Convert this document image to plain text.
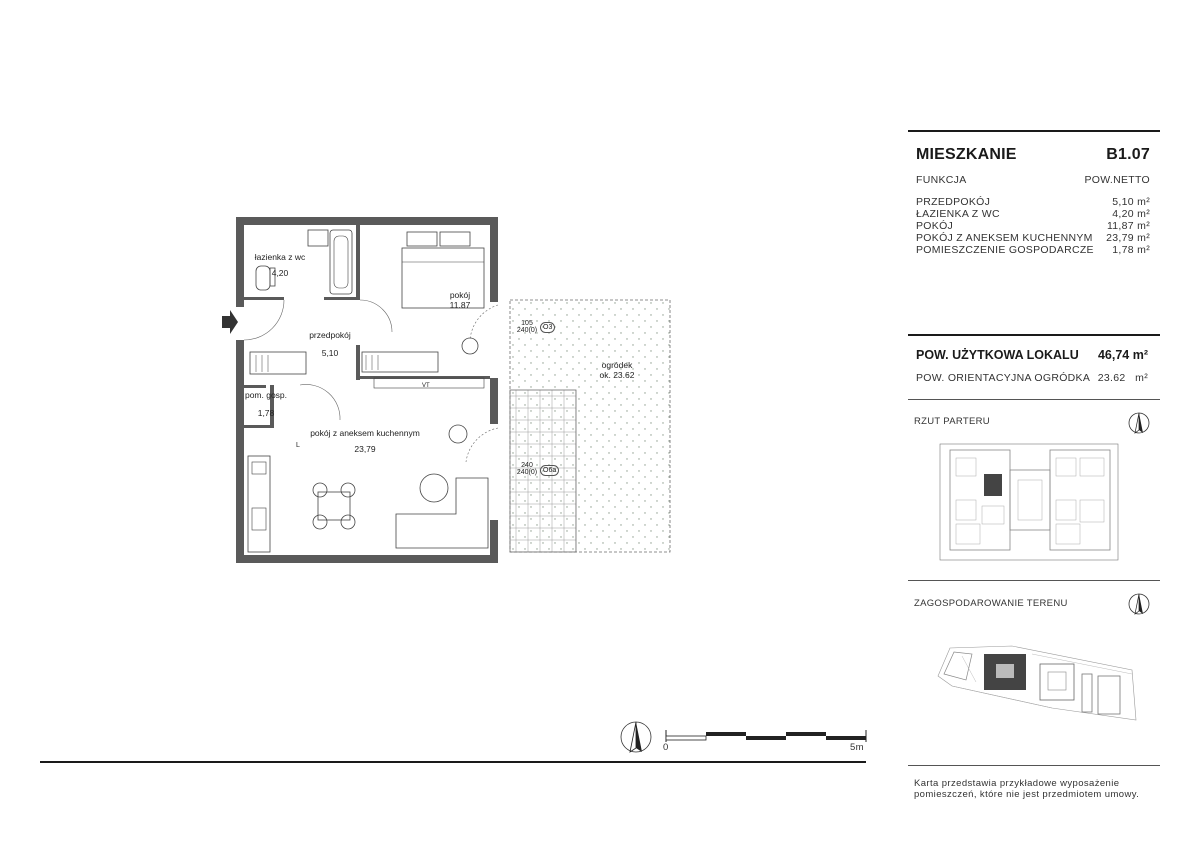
łazienka z wc
4,20
pokój
11.87
przedpokój
5,10
pom. gosp.
1,78
pokój z aneksem kuchennym
23,79
ogródek
ok. 23.62
105
240(0) O3
240
240(0) O6a
VT
L
0	5m
MIESZKANIE	B1.07
FUNKCJA	POW.NETTO
PRZEDPOKÓJ	5,10 m²
ŁAZIENKA Z WC	4,20 m²
POKÓJ	11,87 m²
POKÓJ Z ANEKSEM KUCHENNYM 23,79 m²
POMIESZCZENIE GOSPODARCZE 1,78 m²
POW. UŻYTKOWA LOKALU 46,74 m²
POW. ORIENTACYJNA OGRÓDKA 23.62   m²
RZUT PARTERU
ZAGOSPODAROWANIE TERENU
Karta przedstawia przykładowe wyposażenie
pomieszczeń, które nie jest przedmiotem umowy.
